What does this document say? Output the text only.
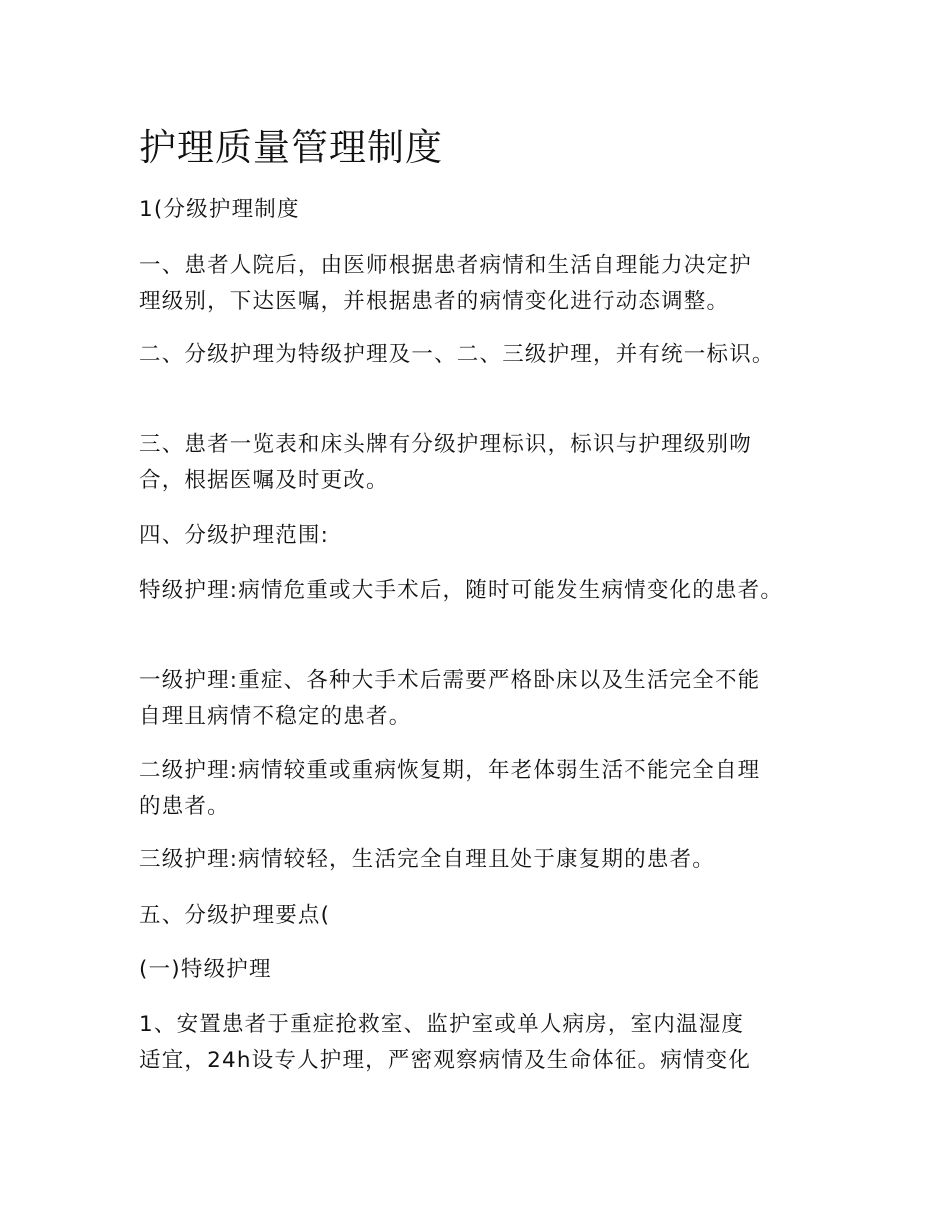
护理质量管理制度

1(分级护理制度

一、患者人院后，由医师根据患者病情和生活自理能力决定护
理级别，下达医嘱，并根据患者的病情变化进行动态调整。

二、分级护理为特级护理及一、二、三级护理，并有统一标识。

三、患者一览表和床头牌有分级护理标识，标识与护理级别吻
合，根据医嘱及时更改。

四、分级护理范围:

特级护理:病情危重或大手术后，随时可能发生病情变化的患者。

一级护理:重症、各种大手术后需要严格卧床以及生活完全不能
自理且病情不稳定的患者。

二级护理:病情较重或重病恢复期，年老体弱生活不能完全自理
的患者。

三级护理:病情较轻，生活完全自理且处于康复期的患者。

五、分级护理要点(

(一)特级护理

1、安置患者于重症抢救室、监护室或单人病房，室内温湿度
适宜，24h设专人护理，严密观察病情及生命体征。病情变化
